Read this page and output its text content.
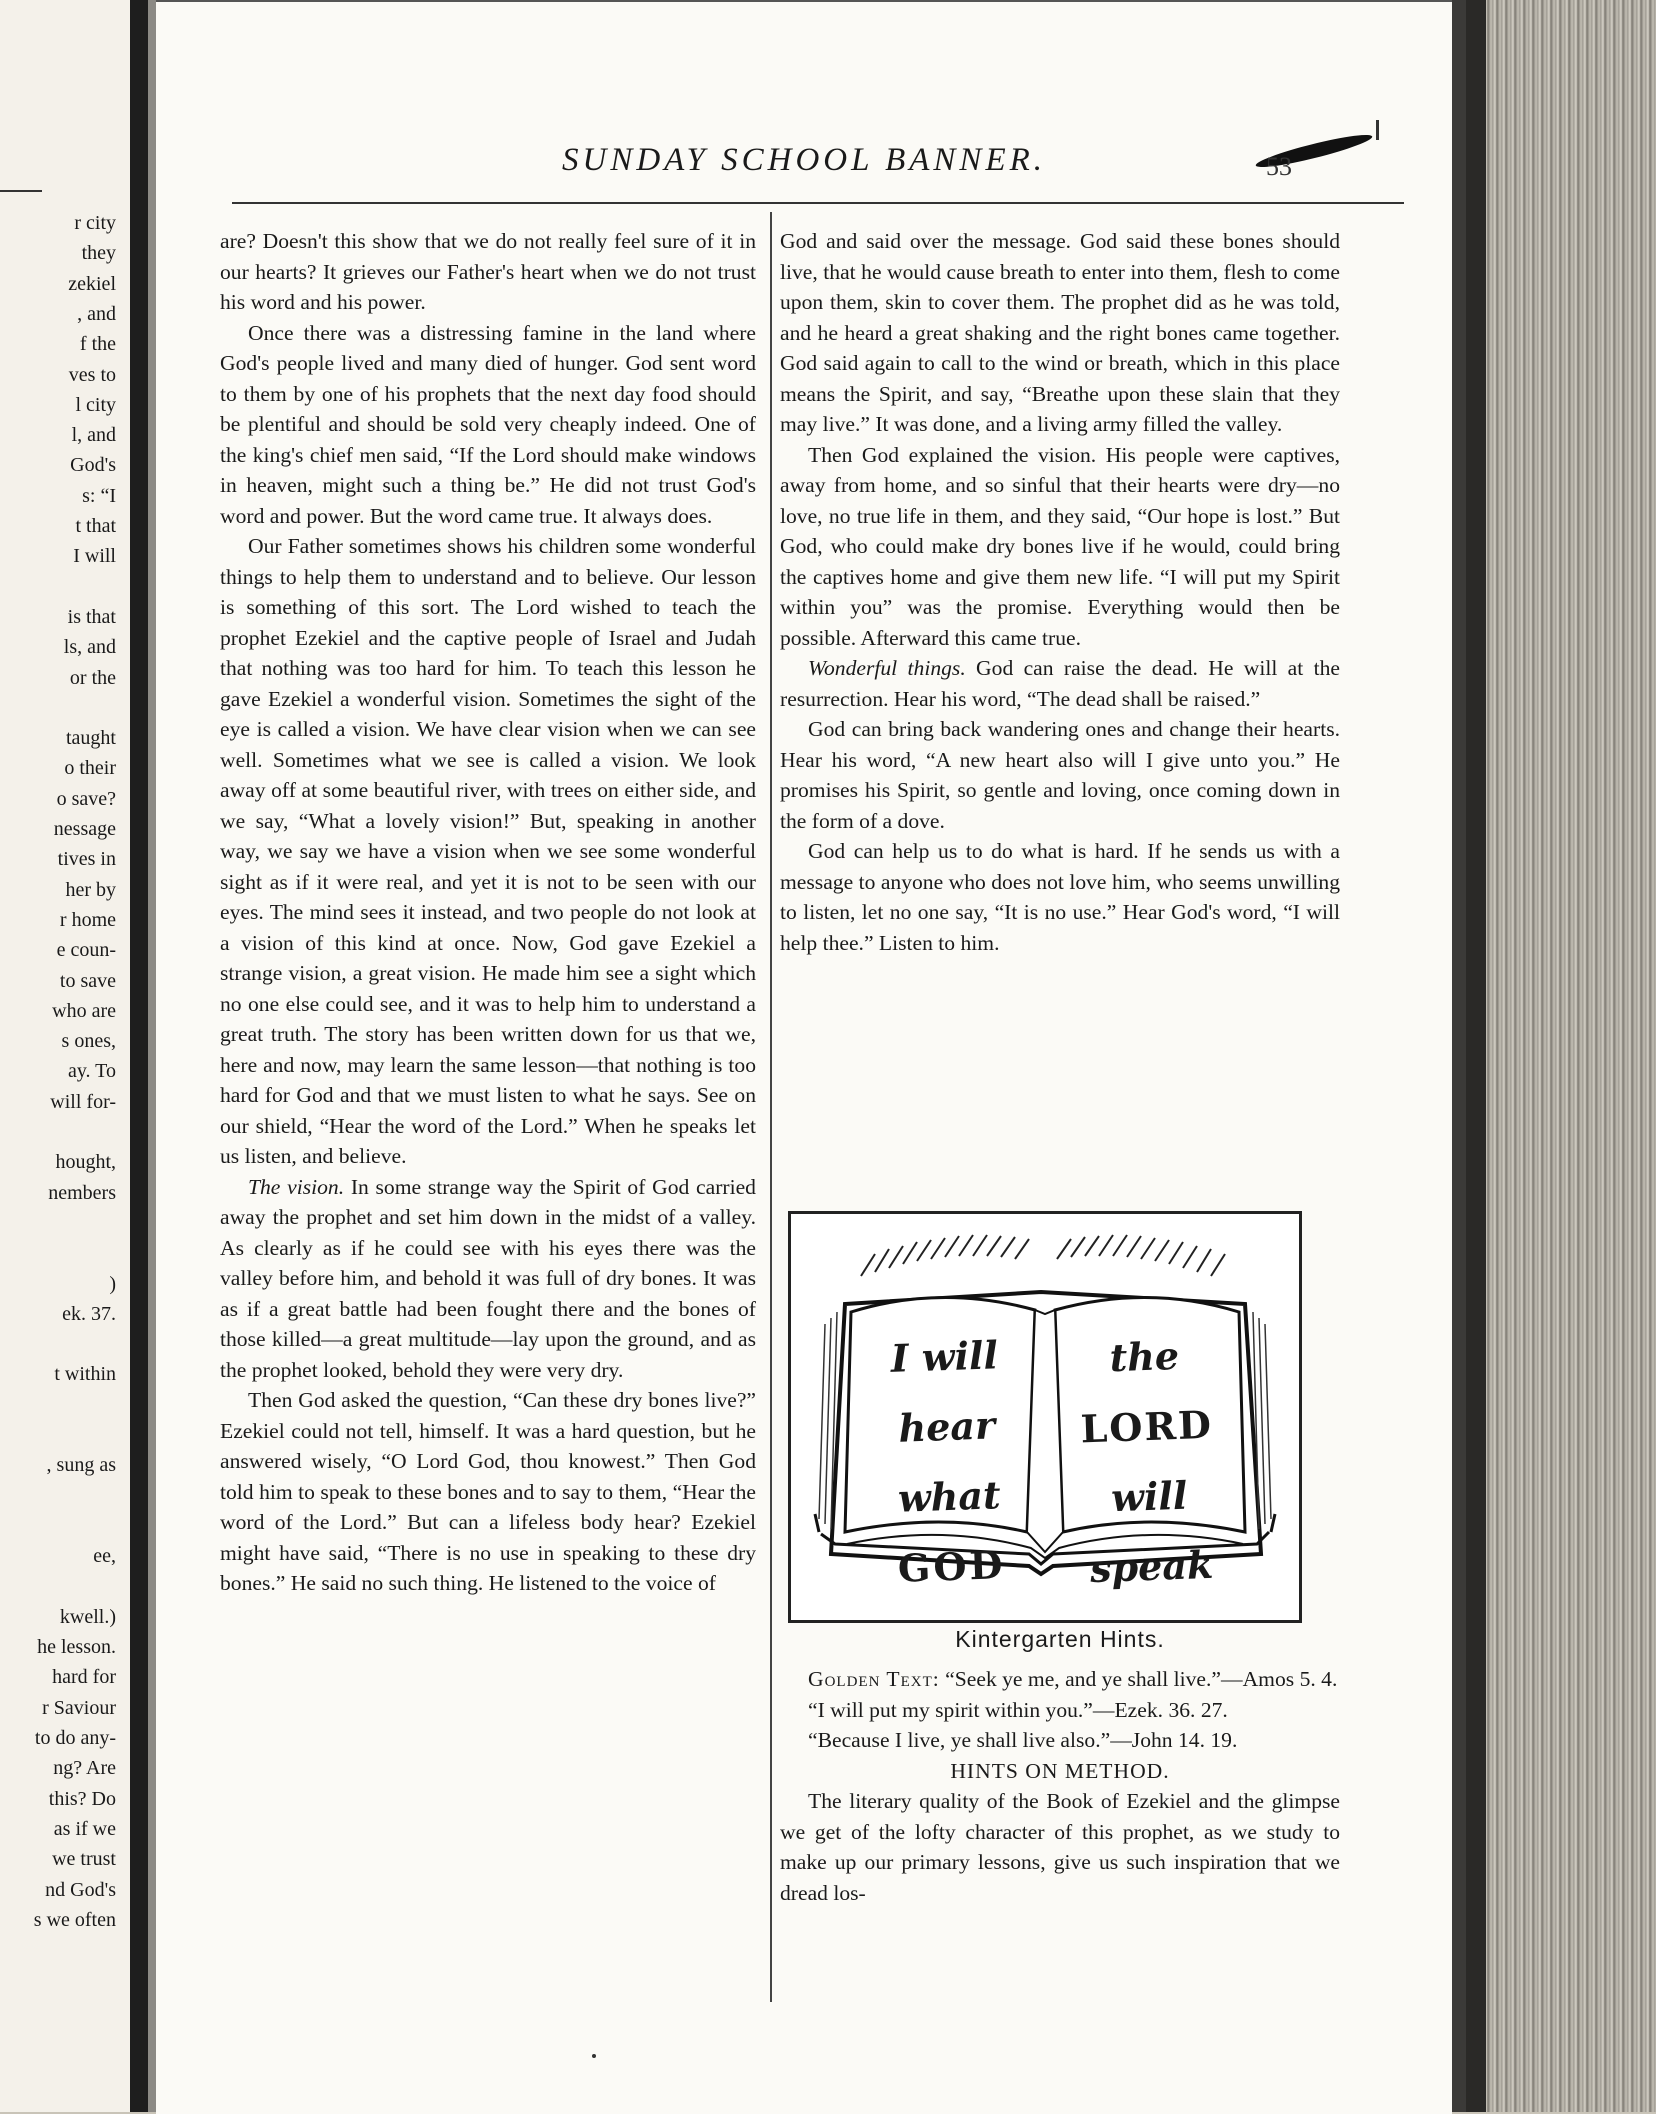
r city
they
zekiel
, and
f the
ves to
l city
l, and
God's
s: “I
t that
I will
is that
ls, and
or the
taught
o their
o save?
nessage
tives in
her by
r home
e coun-
to save
who are
s ones,
ay. To
will for-
hought,
nembers
)
ek. 37.
t within
, sung as
ee,
kwell.)
he lesson.
hard for
r Saviour
to do any-
ng? Are
this? Do
as if we
we trust
nd God's
s we often
SUNDAY SCHOOL BANNER.	53

are? Doesn't this show that we do not really feel sure of it in our hearts? It grieves our Father's heart when we do not trust his word and his power.

Once there was a distressing famine in the land where God's people lived and many died of hunger. God sent word to them by one of his prophets that the next day food should be plentiful and should be sold very cheaply indeed. One of the king's chief men said, “If the Lord should make windows in heaven, might such a thing be.” He did not trust God's word and power. But the word came true. It always does.

Our Father sometimes shows his children some wonderful things to help them to understand and to believe. Our lesson is something of this sort. The Lord wished to teach the prophet Ezekiel and the captive people of Israel and Judah that nothing was too hard for him. To teach this lesson he gave Ezekiel a wonderful vision. Sometimes the sight of the eye is called a vision. We have clear vision when we can see well. Sometimes what we see is called a vision. We look away off at some beautiful river, with trees on either side, and we say, “What a lovely vision!” But, speaking in another way, we say we have a vision when we see some wonderful sight as if it were real, and yet it is not to be seen with our eyes. The mind sees it instead, and two people do not look at a vision of this kind at once. Now, God gave Ezekiel a strange vision, a great vision. He made him see a sight which no one else could see, and it was to help him to understand a great truth. The story has been written down for us that we, here and now, may learn the same lesson—that nothing is too hard for God and that we must listen to what he says. See on our shield, “Hear the word of the Lord.” When he speaks let us listen, and believe.

The vision. In some strange way the Spirit of God carried away the prophet and set him down in the midst of a valley. As clearly as if he could see with his eyes there was the valley before him, and behold it was full of dry bones. It was as if a great battle had been fought there and the bones of those killed—a great multitude—lay upon the ground, and as the prophet looked, behold they were very dry.

Then God asked the question, “Can these dry bones live?” Ezekiel could not tell, himself. It was a hard question, but he answered wisely, “O Lord God, thou knowest.” Then God told him to speak to these bones and to say to them, “Hear the word of the Lord.” But can a lifeless body hear? Ezekiel might have said, “There is no use in speaking to these dry bones.” He said no such thing. He listened to the voice of

God and said over the message. God said these bones should live, that he would cause breath to enter into them, flesh to come upon them, skin to cover them. The prophet did as he was told, and he heard a great shaking and the right bones came together. God said again to call to the wind or breath, which in this place means the Spirit, and say, “Breathe upon these slain that they may live.” It was done, and a living army filled the valley.

Then God explained the vision. His people were captives, away from home, and so sinful that their hearts were dry—no love, no true life in them, and they said, “Our hope is lost.” But God, who could make dry bones live if he would, could bring the captives home and give them new life. “I will put my Spirit within you” was the promise. Everything would then be possible. Afterward this came true.

Wonderful things. God can raise the dead. He will at the resurrection. Hear his word, “The dead shall be raised.”

God can bring back wandering ones and change their hearts. Hear his word, “A new heart also will I give unto you.” He promises his Spirit, so gentle and loving, once coming down in the form of a dove.

God can help us to do what is hard. If he sends us with a message to anyone who does not love him, who seems unwilling to listen, let no one say, “It is no use.” Hear God's word, “I will help thee.” Listen to him.

I will
hear what
GOD
the
LORD
will speak
Kintergarten Hints.

Golden Text: “Seek ye me, and ye shall live.”—Amos 5. 4.

“I will put my spirit within you.”—Ezek. 36. 27.

“Because I live, ye shall live also.”—John 14. 19.

HINTS ON METHOD.

The literary quality of the Book of Ezekiel and the glimpse we get of the lofty character of this prophet, as we study to make up our primary lessons, give us such inspiration that we dread los-
